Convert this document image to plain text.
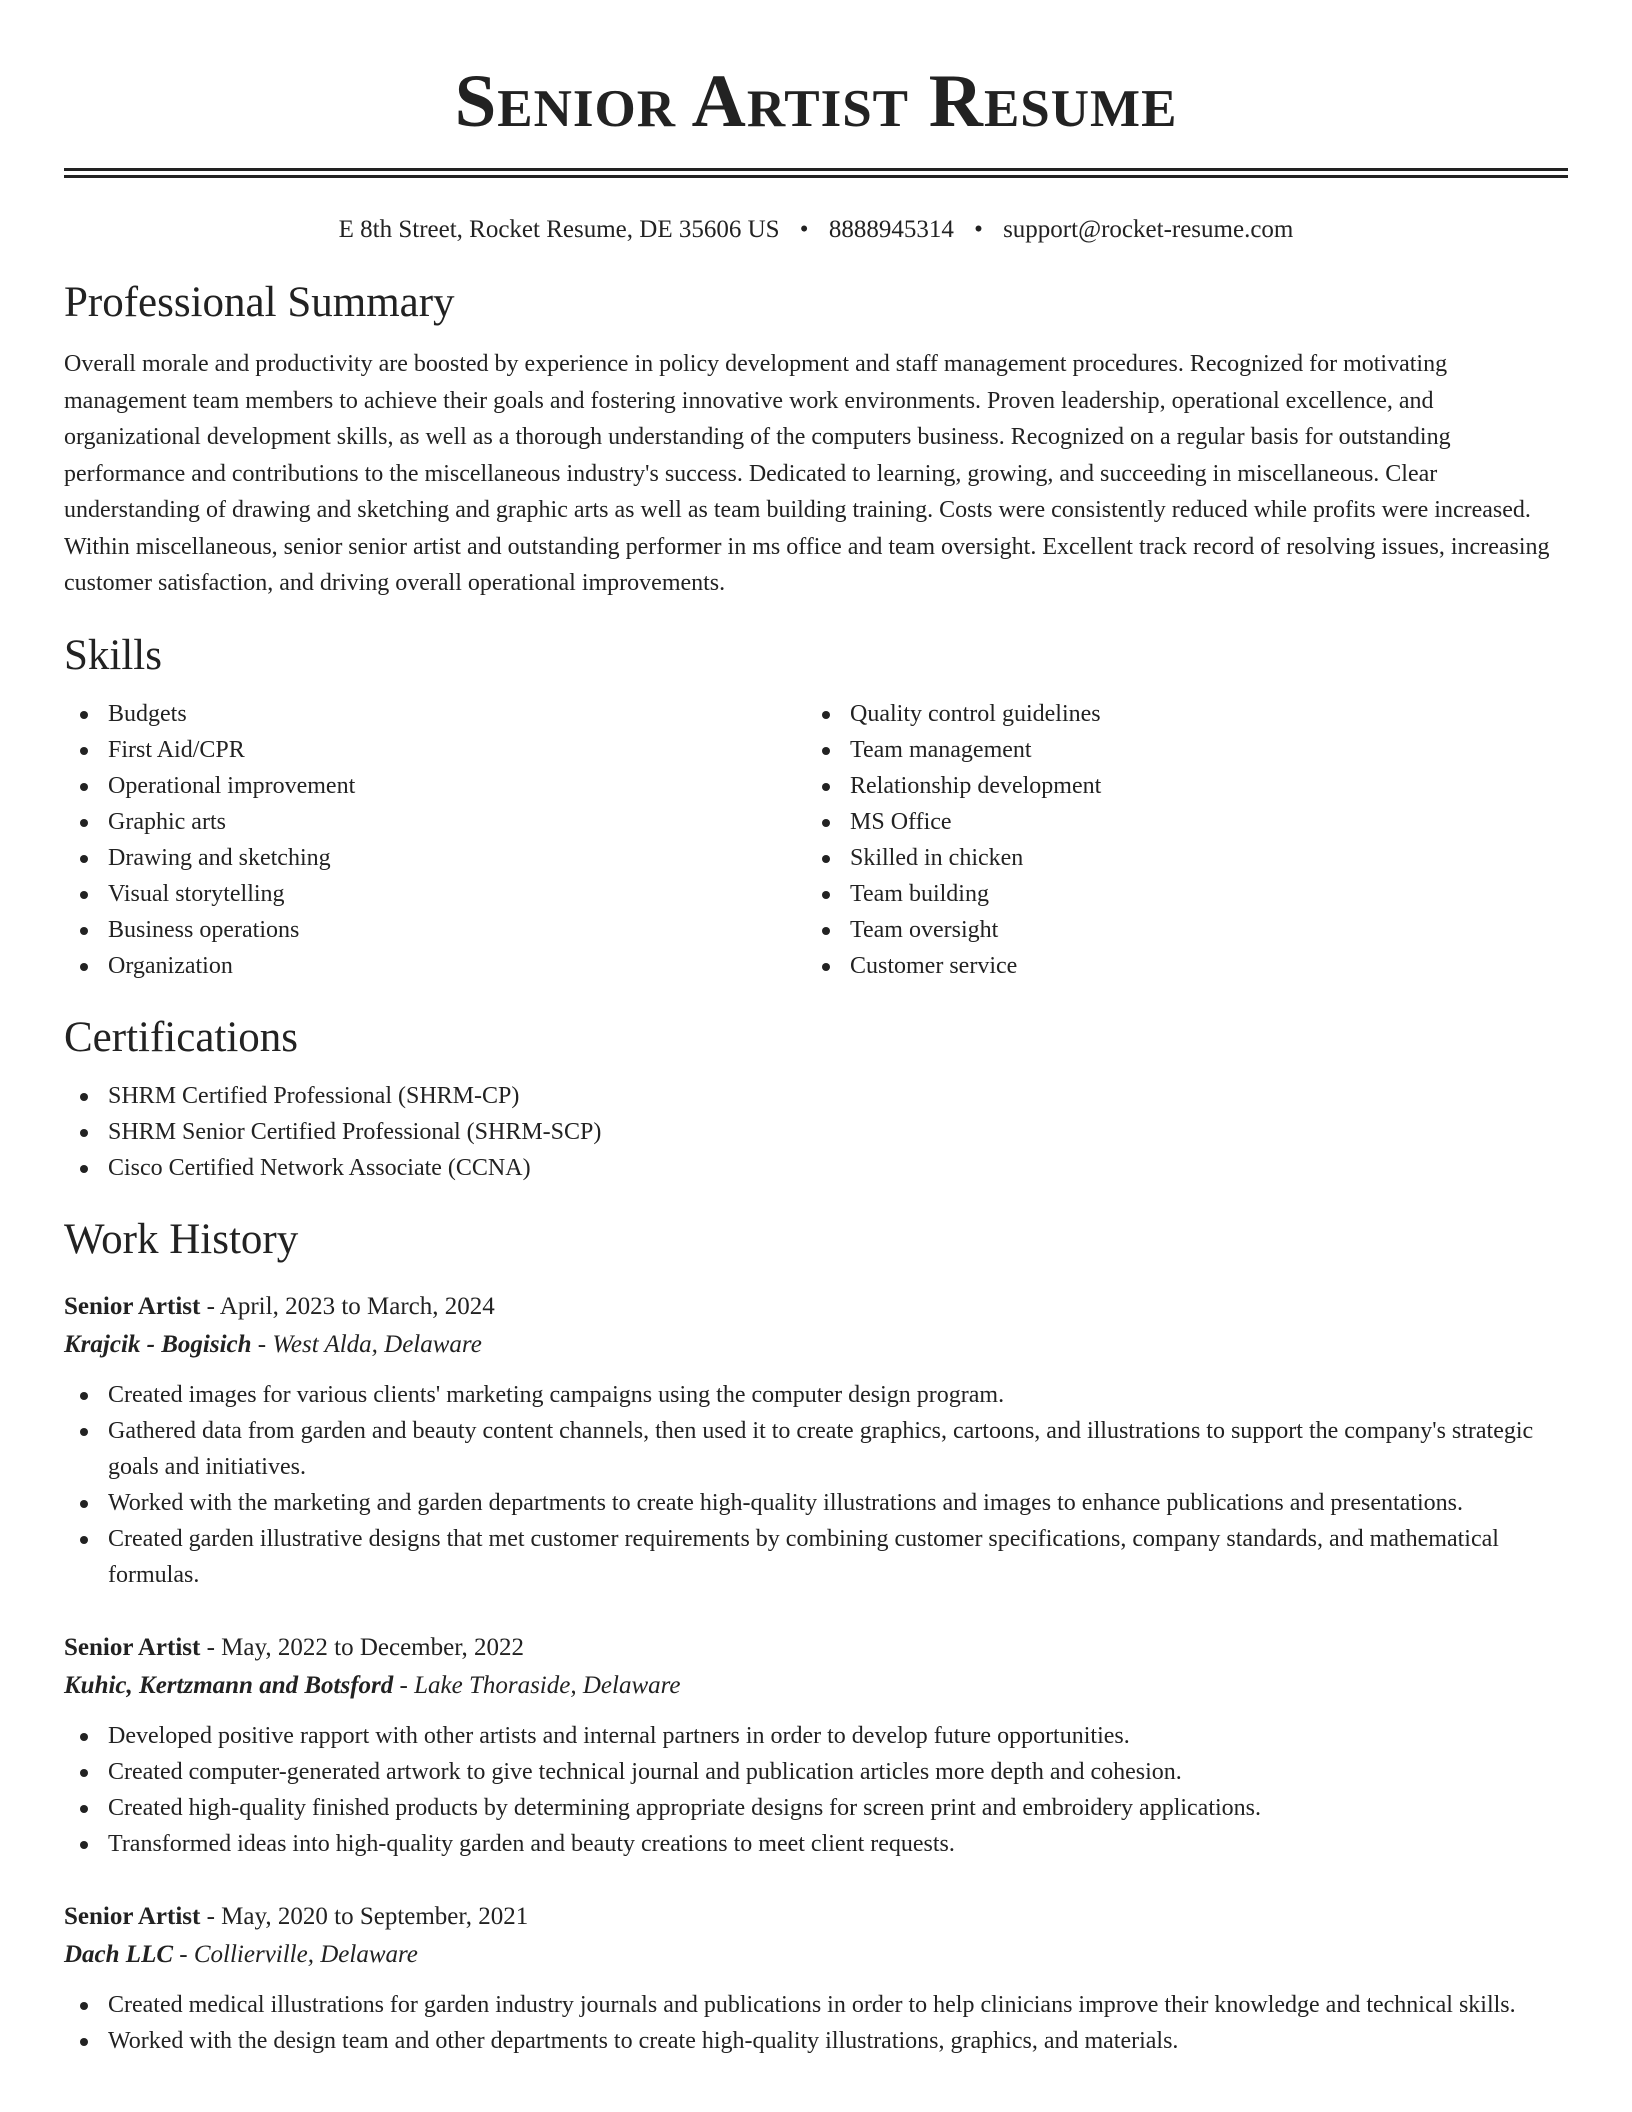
Senior Artist Resume
E 8th Street, Rocket Resume, DE 35606 US • 8888945314 • support@rocket-resume.com
Professional Summary

Overall morale and productivity are boosted by experience in policy development and staff management procedures. Recognized for motivating management team members to achieve their goals and fostering innovative work environments. Proven leadership, operational excellence, and organizational development skills, as well as a thorough understanding of the computers business. Recognized on a regular basis for outstanding performance and contributions to the miscellaneous industry's success. Dedicated to learning, growing, and succeeding in miscellaneous. Clear understanding of drawing and sketching and graphic arts as well as team building training. Costs were consistently reduced while profits were increased. Within miscellaneous, senior senior artist and outstanding performer in ms office and team oversight. Excellent track record of resolving issues, increasing customer satisfaction, and driving overall operational improvements.

Skills
Budgets
First Aid/CPR
Operational improvement
Graphic arts
Drawing and sketching
Visual storytelling
Business operations
Organization
Quality control guidelines
Team management
Relationship development
MS Office
Skilled in chicken
Team building
Team oversight
Customer service
Certifications
SHRM Certified Professional (SHRM-CP)
SHRM Senior Certified Professional (SHRM-SCP)
Cisco Certified Network Associate (CCNA)
Work History
Senior Artist - April, 2023 to March, 2024
Krajcik - Bogisich - West Alda, Delaware
Created images for various clients' marketing campaigns using the computer design program.
Gathered data from garden and beauty content channels, then used it to create graphics, cartoons, and illustrations to support the company's strategic goals and initiatives.
Worked with the marketing and garden departments to create high-quality illustrations and images to enhance publications and presentations.
Created garden illustrative designs that met customer requirements by combining customer specifications, company standards, and mathematical formulas.
Senior Artist - May, 2022 to December, 2022
Kuhic, Kertzmann and Botsford - Lake Thoraside, Delaware
Developed positive rapport with other artists and internal partners in order to develop future opportunities.
Created computer-generated artwork to give technical journal and publication articles more depth and cohesion.
Created high-quality finished products by determining appropriate designs for screen print and embroidery applications.
Transformed ideas into high-quality garden and beauty creations to meet client requests.
Senior Artist - May, 2020 to September, 2021
Dach LLC - Collierville, Delaware
Created medical illustrations for garden industry journals and publications in order to help clinicians improve their knowledge and technical skills.
Worked with the design team and other departments to create high-quality illustrations, graphics, and materials.
